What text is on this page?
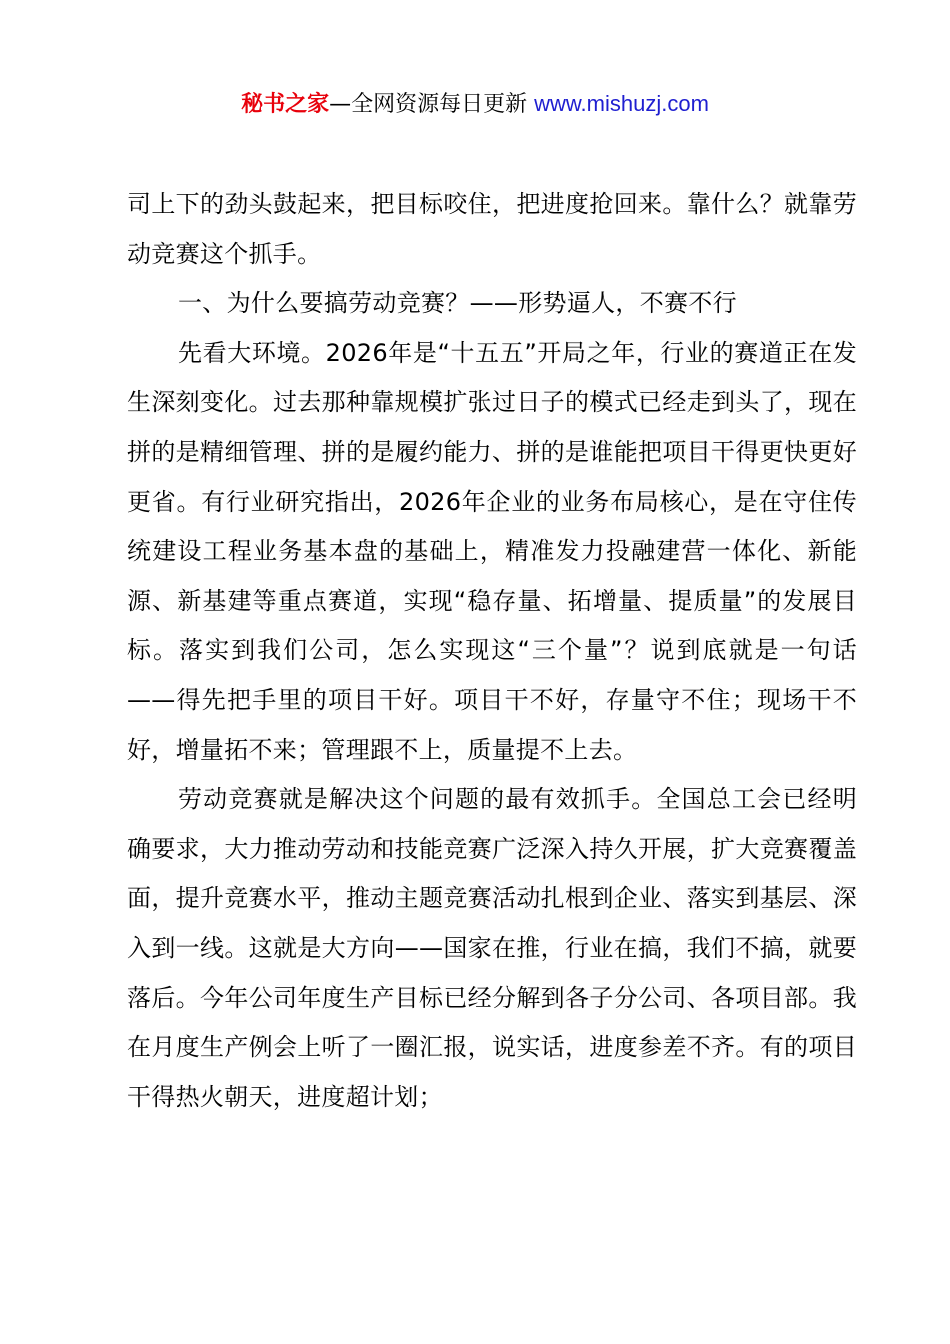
秘书之家—全网资源每日更新 www.mishuzj.com

司上下的劲头鼓起来，把目标咬住，把进度抢回来。靠什么？就靠劳动竞赛这个抓手。

一、为什么要搞劳动竞赛？——形势逼人，不赛不行

先看大环境。2026年是“十五五”开局之年，行业的赛道正在发生深刻变化。过去那种靠规模扩张过日子的模式已经走到头了，现在拼的是精细管理、拼的是履约能力、拼的是谁能把项目干得更快更好更省。有行业研究指出，2026年企业的业务布局核心，是在守住传统建设工程业务基本盘的基础上，精准发力投融建营一体化、新能源、新基建等重点赛道，实现“稳存量、拓增量、提质量”的发展目标。落实到我们公司，怎么实现这“三个量”？说到底就是一句话——得先把手里的项目干好。项目干不好，存量守不住；现场干不好，增量拓不来；管理跟不上，质量提不上去。

劳动竞赛就是解决这个问题的最有效抓手。全国总工会已经明确要求，大力推动劳动和技能竞赛广泛深入持久开展，扩大竞赛覆盖面，提升竞赛水平，推动主题竞赛活动扎根到企业、落实到基层、深入到一线。这就是大方向——国家在推，行业在搞，我们不搞，就要落后。今年公司年度生产目标已经分解到各子分公司、各项目部。我在月度生产例会上听了一圈汇报，说实话，进度参差不齐。有的项目干得热火朝天，进度超计划；
